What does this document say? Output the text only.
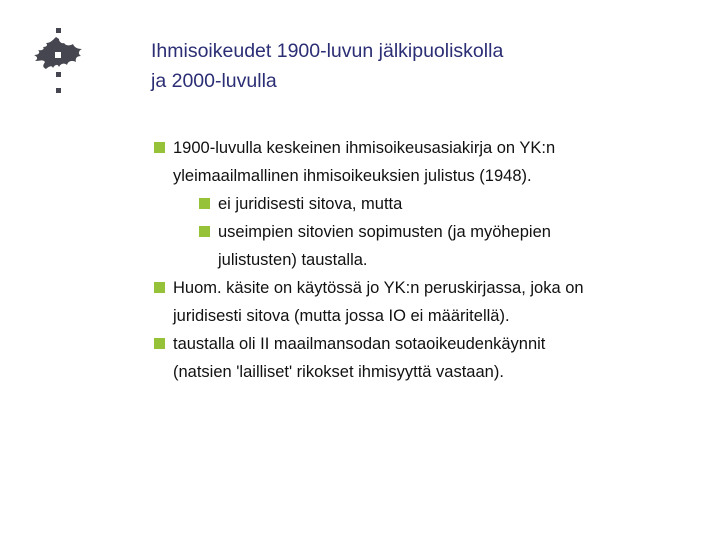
Ihmisoikeudet 1900-luvun jälkipuoliskolla
ja 2000-luvulla
1900-luvulla keskeinen ihmisoikeusasiakirja on YK:n
yleimaailmallinen ihmisoikeuksien julistus (1948).
ei juridisesti sitova, mutta
useimpien sitovien sopimusten (ja myöhepien
julistusten) taustalla.
Huom. käsite on käytössä jo YK:n peruskirjassa, joka on
juridisesti sitova (mutta jossa IO ei määritellä).
taustalla oli II maailmansodan sotaoikeudenkäynnit
(natsien 'lailliset' rikokset ihmisyyttä vastaan).
